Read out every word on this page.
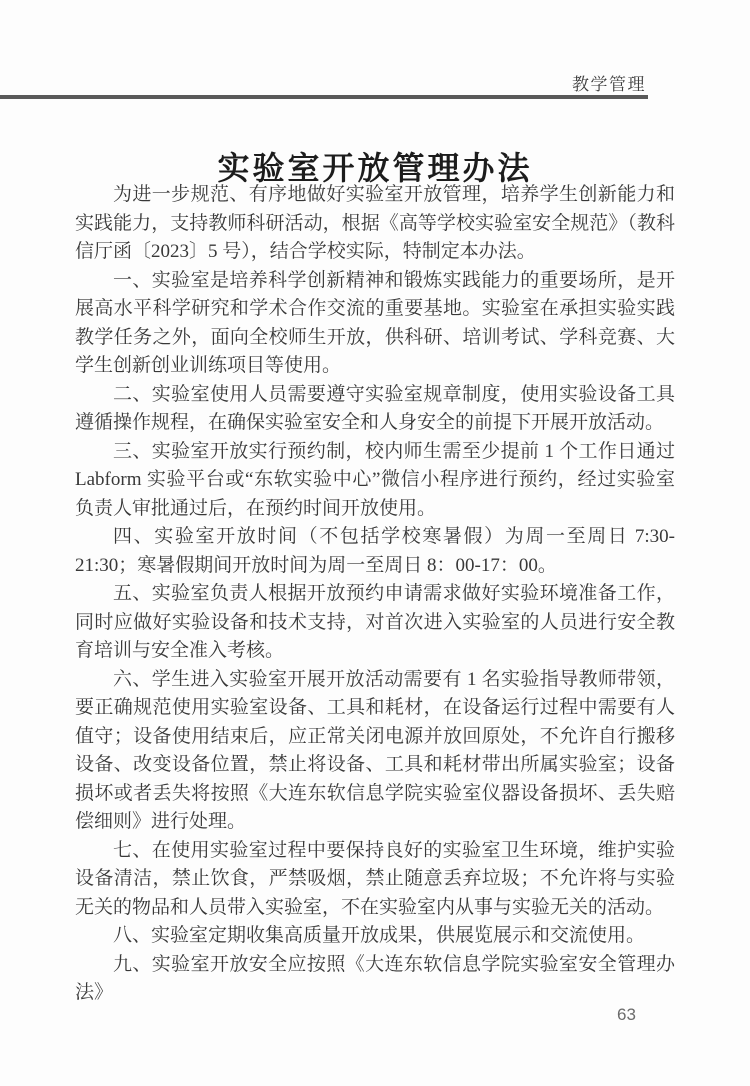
教学管理
实验室开放管理办法

为进一步规范、有序地做好实验室开放管理，培养学生创新能力和实践能力，支持教师科研活动，根据《高等学校实验室安全规范》（教科信厅函〔2023〕5 号），结合学校实际，特制定本办法。

一、实验室是培养科学创新精神和锻炼实践能力的重要场所，是开展高水平科学研究和学术合作交流的重要基地。实验室在承担实验实践教学任务之外，面向全校师生开放，供科研、培训考试、学科竞赛、大学生创新创业训练项目等使用。

二、实验室使用人员需要遵守实验室规章制度，使用实验设备工具遵循操作规程，在确保实验室安全和人身安全的前提下开展开放活动。

三、实验室开放实行预约制，校内师生需至少提前 1 个工作日通过 Labform 实验平台或“东软实验中心”微信小程序进行预约，经过实验室负责人审批通过后，在预约时间开放使用。

四、实验室开放时间（不包括学校寒暑假）为周一至周日 7:30-21:30；寒暑假期间开放时间为周一至周日 8：00-17：00。

五、实验室负责人根据开放预约申请需求做好实验环境准备工作，同时应做好实验设备和技术支持，对首次进入实验室的人员进行安全教育培训与安全准入考核。

六、学生进入实验室开展开放活动需要有 1 名实验指导教师带领，要正确规范使用实验室设备、工具和耗材，在设备运行过程中需要有人值守；设备使用结束后，应正常关闭电源并放回原处，不允许自行搬移设备、改变设备位置，禁止将设备、工具和耗材带出所属实验室；设备损坏或者丢失将按照《大连东软信息学院实验室仪器设备损坏、丢失赔偿细则》进行处理。

七、在使用实验室过程中要保持良好的实验室卫生环境，维护实验设备清洁，禁止饮食，严禁吸烟，禁止随意丢弃垃圾；不允许将与实验无关的物品和人员带入实验室，不在实验室内从事与实验无关的活动。

八、实验室定期收集高质量开放成果，供展览展示和交流使用。

九、实验室开放安全应按照《大连东软信息学院实验室安全管理办法》

63
